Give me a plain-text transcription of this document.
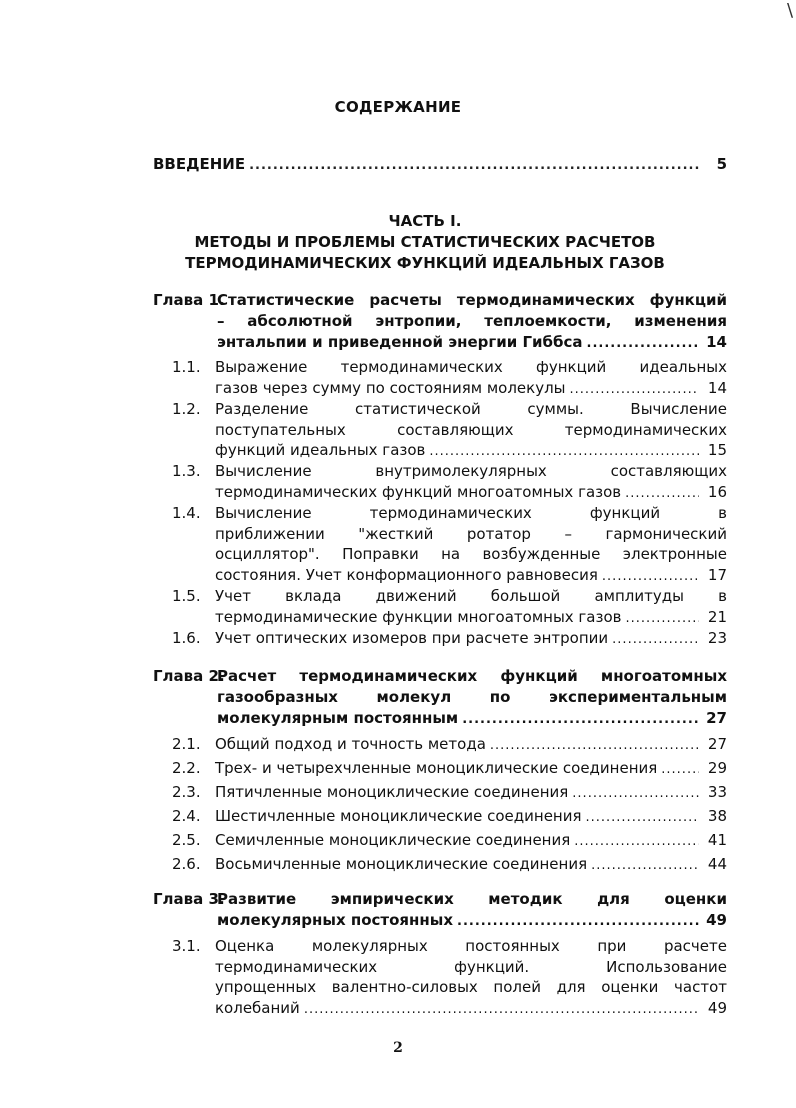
\
СОДЕРЖАНИЕ
ВВЕДЕНИЕ .....	5
ЧАСТЬ I.
МЕТОДЫ И ПРОБЛЕМЫ СТАТИСТИЧЕСКИХ РАСЧЕТОВ
ТЕРМОДИНАМИЧЕСКИХ ФУНКЦИЙ ИДЕАЛЬНЫХ ГАЗОВ
Глава 1.
Статистические расчеты термодинамических функций
– абсолютной энтропии, теплоемкости, изменения
энтальпии и приведенной энергии Гиббса .....	14
1.1. Выражение термодинамических функций идеальных
газов через сумму по состояниям молекулы .....	14
1.2. Разделение статистической суммы. Вычисление
поступательных составляющих термодинамических
функций идеальных газов .....	15
1.3. Вычисление внутримолекулярных составляющих
термодинамических функций многоатомных газов .....	16
1.4. Вычисление термодинамических функций в
приближении "жесткий ротатор – гармонический
осциллятор". Поправки на возбужденные электронные
состояния. Учет конформационного равновесия .....	17
1.5. Учет вклада движений большой амплитуды в
термодинамические функции многоатомных газов .....	21
1.6. Учет оптических изомеров при расчете энтропии .....	23
Глава 2.
Расчет термодинамических функций многоатомных
газообразных молекул по экспериментальным
молекулярным постоянным .....	27
2.1. Общий подход и точность метода .....	27
2.2. Трех- и четырехчленные моноциклические соединения .....	29
2.3. Пятичленные моноциклические соединения .....	33
2.4. Шестичленные моноциклические соединения .....	38
2.5. Семичленные моноциклические соединения .....	41
2.6. Восьмичленные моноциклические соединения .....	44
Глава 3.
Развитие эмпирических методик для оценки
молекулярных постоянных .....	49
3.1. Оценка молекулярных постоянных при расчете
термодинамических функций. Использование
упрощенных валентно-силовых полей для оценки частот
колебаний .....	49
2
